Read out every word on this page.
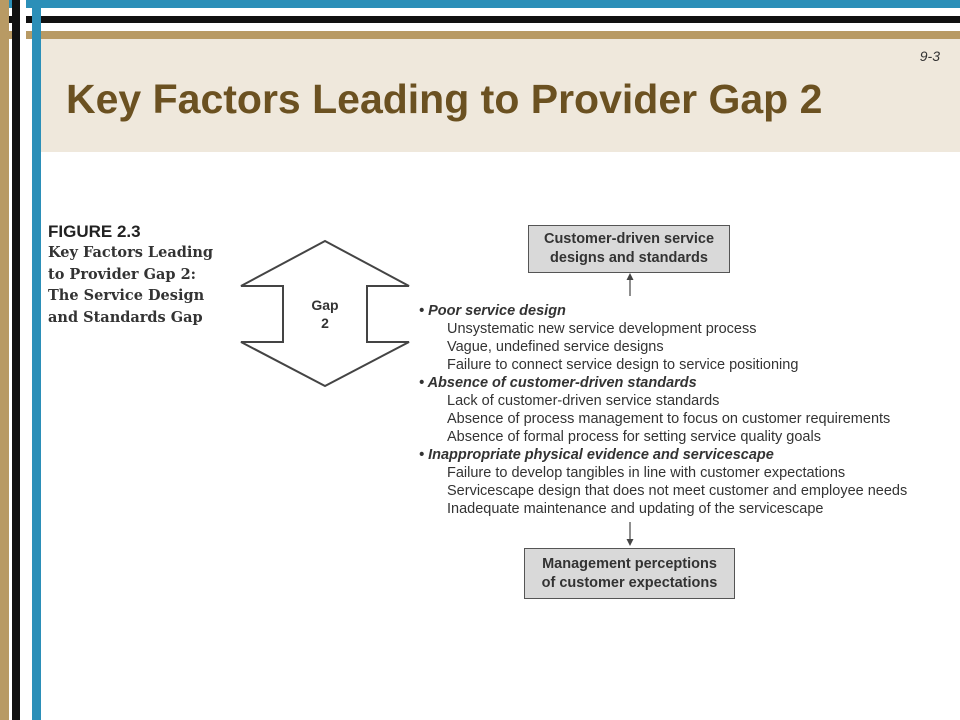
9-3
Key Factors Leading to Provider Gap 2
FIGURE 2.3
Key Factors Leading
to Provider Gap 2:
The Service Design
and Standards Gap
Gap
2
Customer-driven service
designs and standards
• Poor service design
Unsystematic new service development process
Vague, undefined service designs
Failure to connect service design to service positioning
• Absence of customer-driven standards
Lack of customer-driven service standards
Absence of process management to focus on customer requirements
Absence of formal process for setting service quality goals
• Inappropriate physical evidence and servicescape
Failure to develop tangibles in line with customer expectations
Servicescape design that does not meet customer and employee needs
Inadequate maintenance and updating of the servicescape
Management perceptions
of customer expectations
